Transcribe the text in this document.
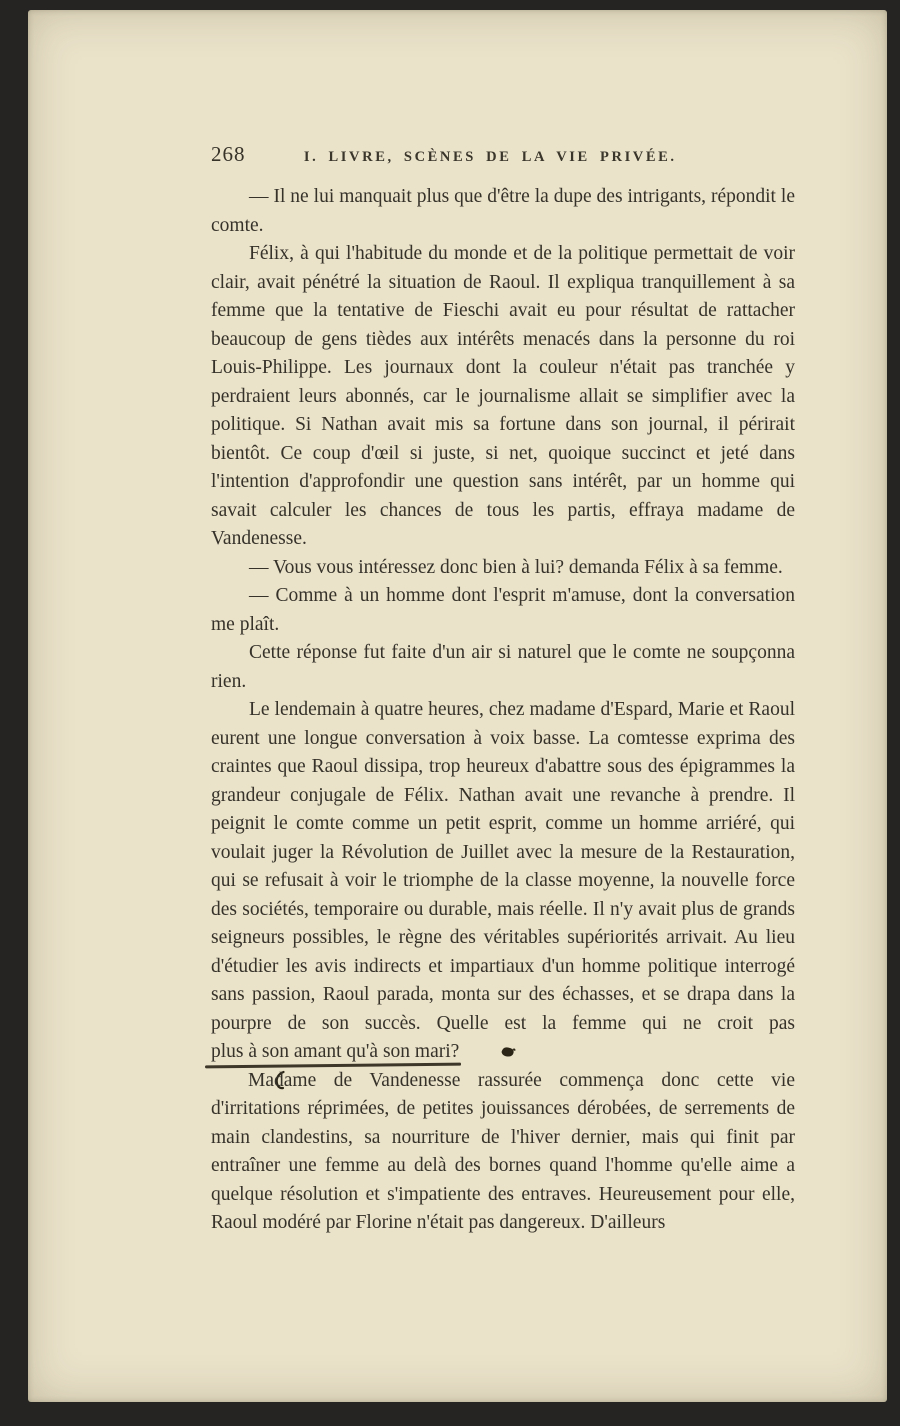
268	I. LIVRE, SCÈNES DE LA VIE PRIVÉE.

— Il ne lui manquait plus que d'être la dupe des intrigants, répondit le comte.

Félix, à qui l'habitude du monde et de la politique permettait de voir clair, avait pénétré la situation de Raoul. Il expliqua tranquillement à sa femme que la tentative de Fieschi avait eu pour résultat de rattacher beaucoup de gens tièdes aux intérêts menacés dans la personne du roi Louis-Philippe. Les journaux dont la couleur n'était pas tranchée y perdraient leurs abonnés, car le journalisme allait se simplifier avec la politique. Si Nathan avait mis sa fortune dans son journal, il périrait bientôt. Ce coup d'œil si juste, si net, quoique succinct et jeté dans l'intention d'approfondir une question sans intérêt, par un homme qui savait calculer les chances de tous les partis, effraya madame de Vandenesse.

— Vous vous intéressez donc bien à lui? demanda Félix à sa femme.

— Comme à un homme dont l'esprit m'amuse, dont la conversation me plaît.

Cette réponse fut faite d'un air si naturel que le comte ne soupçonna rien.

Le lendemain à quatre heures, chez madame d'Espard, Marie et Raoul eurent une longue conversation à voix basse. La comtesse exprima des craintes que Raoul dissipa, trop heureux d'abattre sous des épigrammes la grandeur conjugale de Félix. Nathan avait une revanche à prendre. Il peignit le comte comme un petit esprit, comme un homme arriéré, qui voulait juger la Révolution de Juillet avec la mesure de la Restauration, qui se refusait à voir le triomphe de la classe moyenne, la nouvelle force des sociétés, temporaire ou durable, mais réelle. Il n'y avait plus de grands seigneurs possibles, le règne des véritables supériorités arrivait. Au lieu d'étudier les avis indirects et impartiaux d'un homme politique interrogé sans passion, Raoul parada, monta sur des échasses, et se drapa dans la pourpre de son succès. Quelle est la femme qui ne croit pas plus à son amant qu'à son mari?

Madame de Vandenesse rassurée commença donc cette vie d'irritations réprimées, de petites jouissances dérobées, de serrements de main clandestins, sa nourriture de l'hiver dernier, mais qui finit par entraîner une femme au delà des bornes quand l'homme qu'elle aime a quelque résolution et s'impatiente des entraves. Heureusement pour elle, Raoul modéré par Florine n'était pas dangereux. D'ailleurs
